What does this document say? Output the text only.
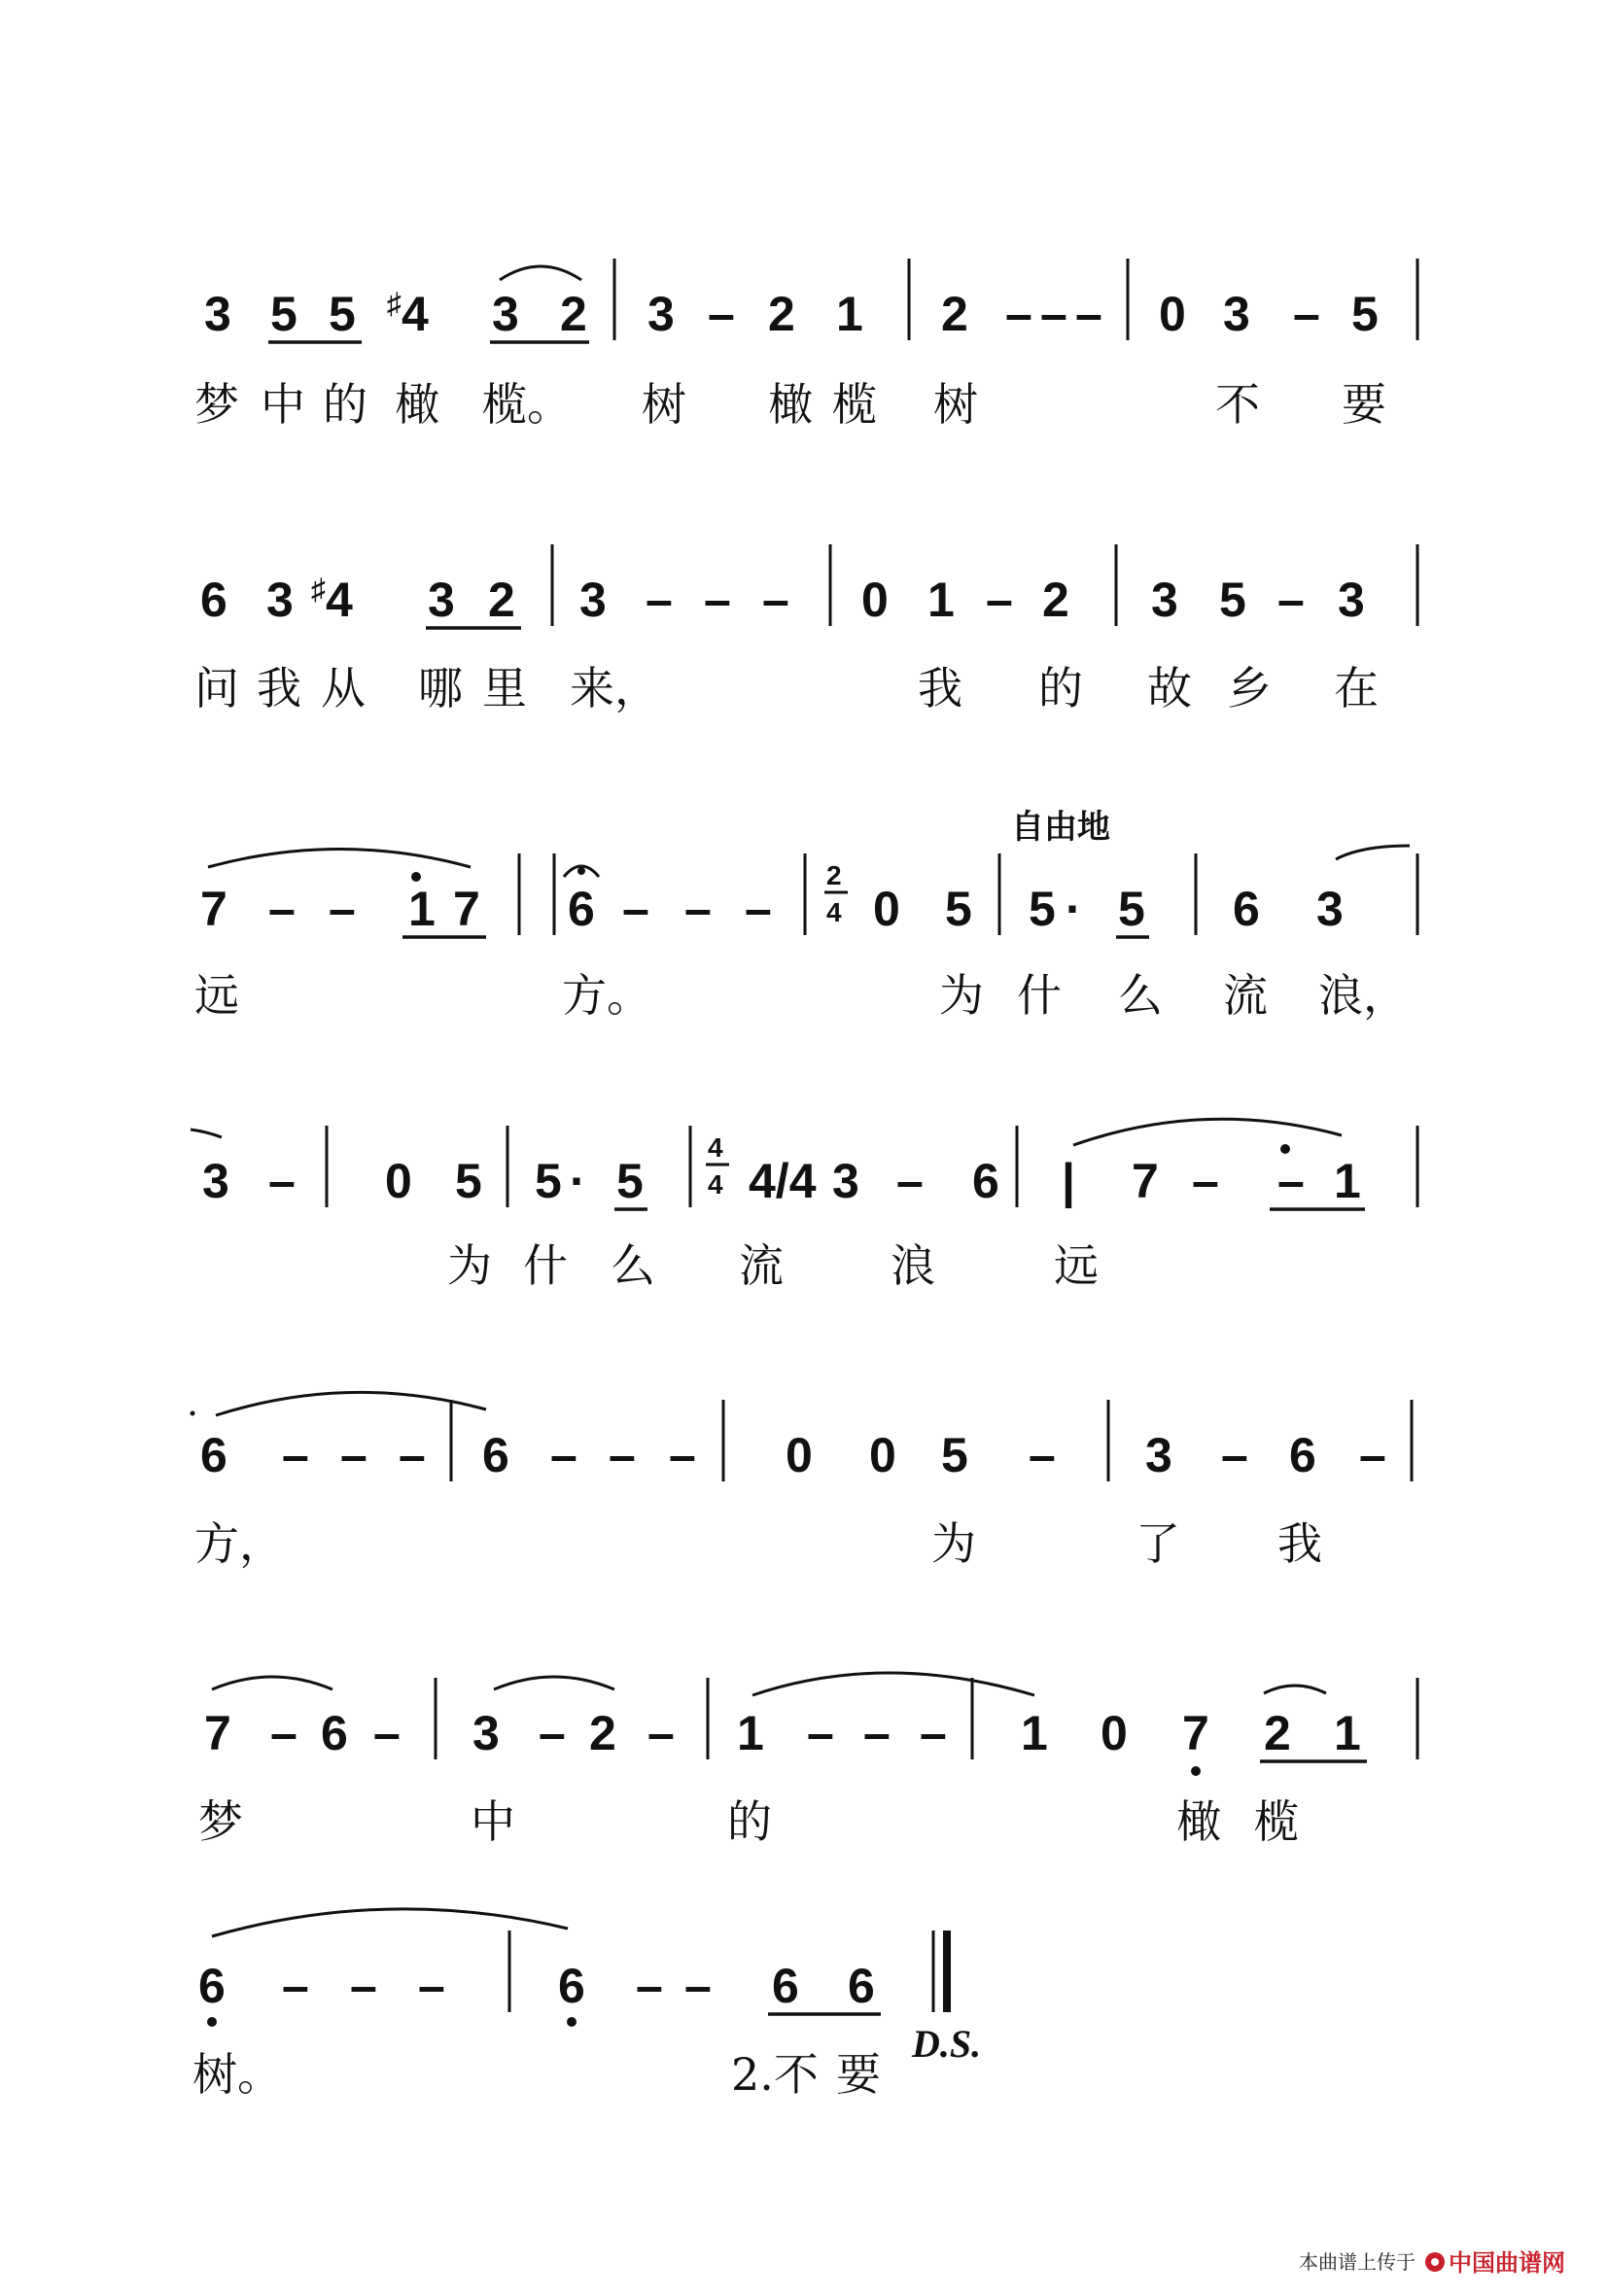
3 5 5 ♯4 3 2 3 – 2 1 2 – – – 0 3 – 5
梦 中 的 橄 榄。 树 橄 榄 树	不 要
6 3 ♯4 3 2 3 – – – 0 1 – 2 3 5 – 3
问 我 从 哪 里 来，	我 的 故 乡 在
自由地
7 – – 1 7 6 – – –
2
4 0 5 5 · 5 6 3
远	方。	为 什 么 流 浪，
3 – 0 5 5 · 5
4
4 4/4 3 – 6 | 7 – – 1
为 什 么 流 浪	远
6 – – – 6 – – – 0 0 5 – 3 – 6 –
方，	为	了 我
7 – 6 – 3 – 2 – 1 – – – 1 0 7 2 1
梦	中	的	橄 榄
6 – – – 6 – – 6 6
树。	2.不 要
D.S.
本曲谱上传于 中国曲谱网
